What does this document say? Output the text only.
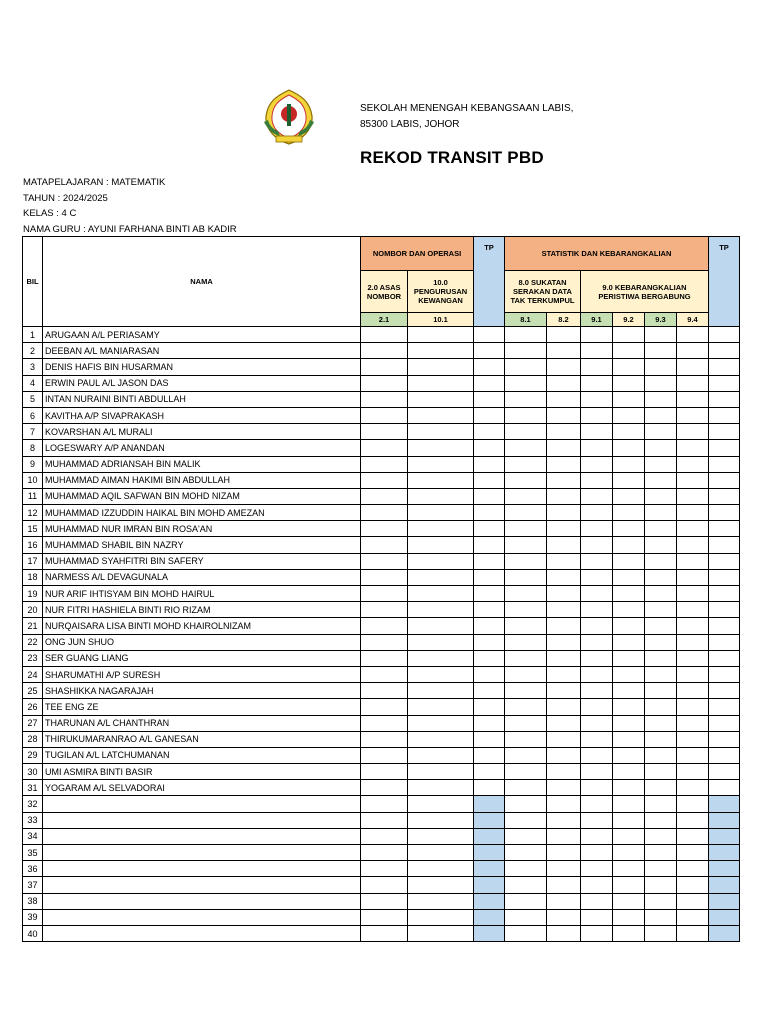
SEKOLAH MENENGAH KEBANGSAAN LABIS,
85300 LABIS, JOHOR
REKOD TRANSIT PBD
MATAPELAJARAN : MATEMATIK
TAHUN : 2024/2025
KELAS : 4 C
NAMA GURU : AYUNI FARHANA BINTI AB KADIR
BIL	NAMA	NOMBOR DAN OPERASI		TP	STATISTIK DAN KEBARANGKALIAN						TP
		2.0 ASAS NOMBOR	10.0 PENGURUSAN KEWANGAN		8.0 SUKATAN SERAKAN DATA TAK TERKUMPUL		9.0 KEBARANGKALIAN PERISTIWA BERGABUNG				
		2.1	10.1		8.1	8.2	9.1	9.2	9.3	9.4	
1	ARUGAAN A/L PERIASAMY										
2	DEEBAN A/L MANIARASAN										
3	DENIS HAFIS BIN HUSARMAN										
4	ERWIN PAUL A/L JASON DAS										
5	INTAN NURAINI BINTI ABDULLAH										
6	KAVITHA A/P SIVAPRAKASH										
7	KOVARSHAN A/L MURALI										
8	LOGESWARY A/P ANANDAN										
9	MUHAMMAD ADRIANSAH BIN MALIK										
10	MUHAMMAD AIMAN HAKIMI BIN ABDULLAH										
11	MUHAMMAD AQIL SAFWAN BIN MOHD NIZAM										
12	MUHAMMAD IZZUDDIN HAIKAL BIN MOHD AMEZAN										
15	MUHAMMAD NUR IMRAN BIN ROSA'AN										
16	MUHAMMAD SHABIL BIN NAZRY										
17	MUHAMMAD SYAHFITRI BIN SAFERY										
18	NARMESS A/L DEVAGUNALA										
19	NUR ARIF IHTISYAM BIN MOHD HAIRUL										
20	NUR FITRI HASHIELA BINTI RIO RIZAM										
21	NURQAISARA LISA BINTI MOHD KHAIROLNIZAM										
22	ONG JUN SHUO										
23	SER GUANG LIANG										
24	SHARUMATHI A/P SURESH										
25	SHASHIKKA NAGARAJAH										
26	TEE ENG ZE										
27	THARUNAN A/L CHANTHRAN										
28	THIRUKUMARANRAO A/L GANESAN										
29	TUGILAN A/L LATCHUMANAN										
30	UMI ASMIRA BINTI BASIR										
31	YOGARAM A/L SELVADORAI										
32											
33											
34											
35											
36											
37											
38											
39											
40											
